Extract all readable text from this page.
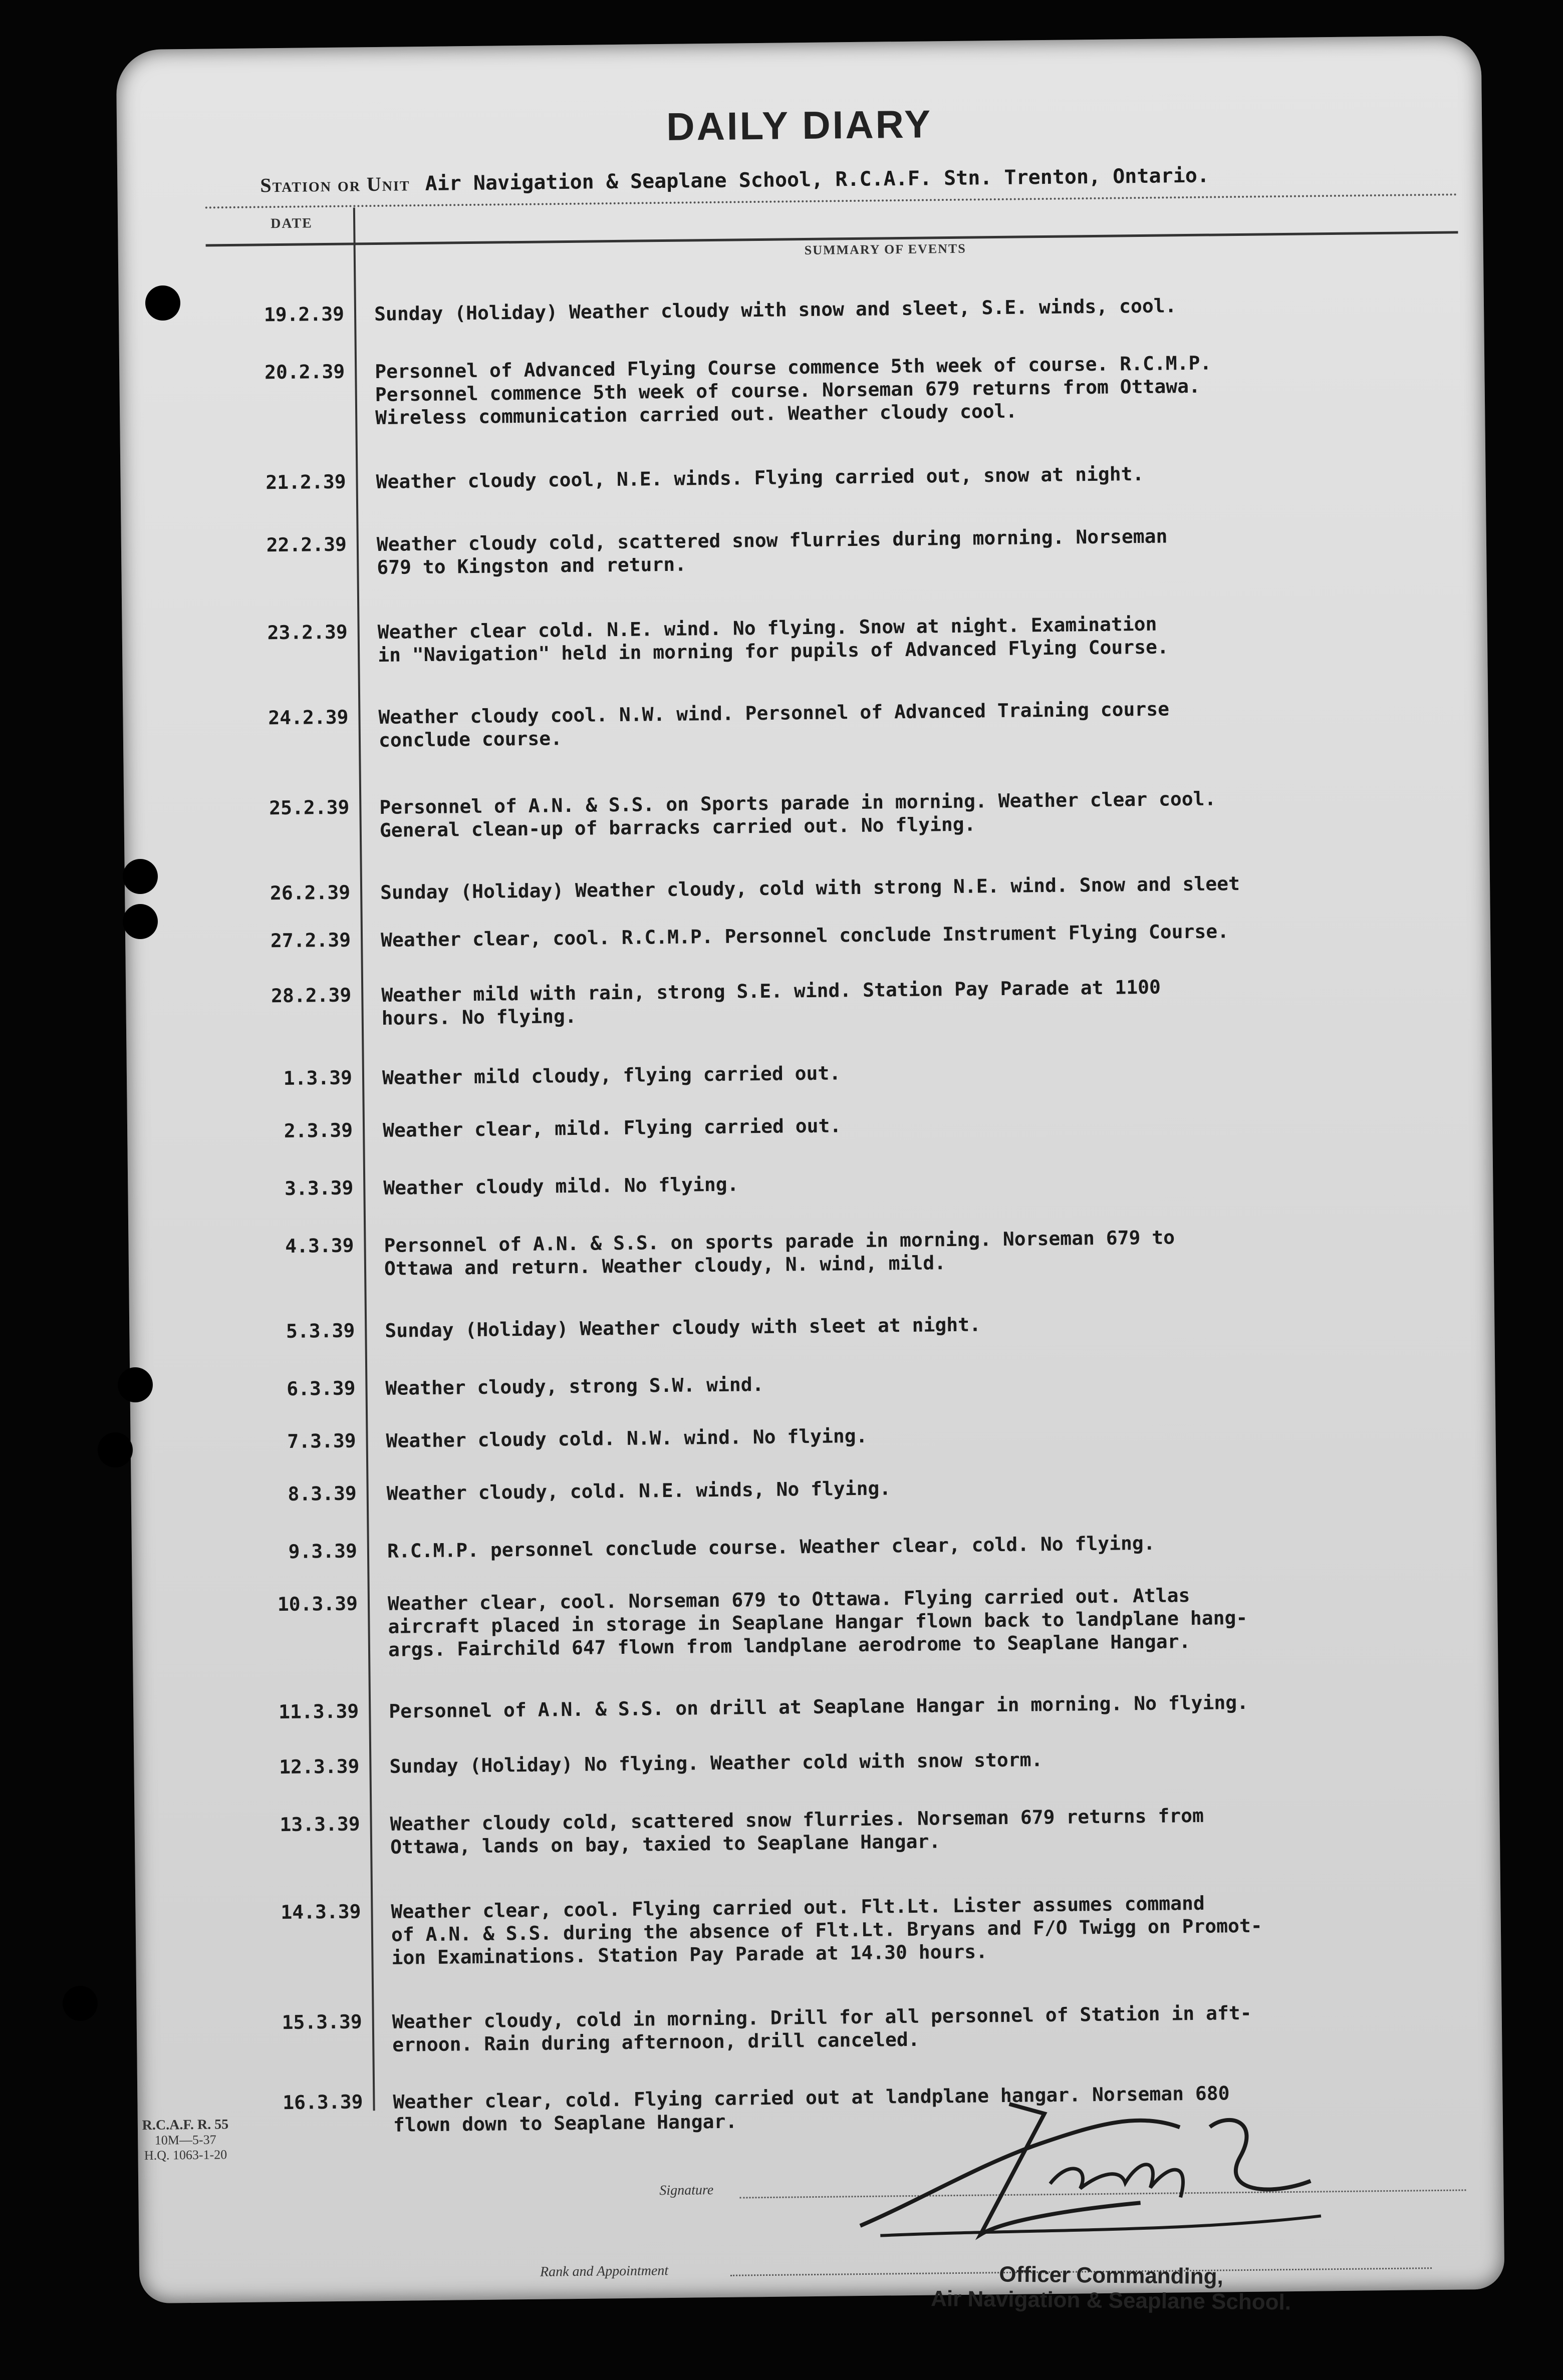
DAILY DIARY
Station or Unit Air Navigation & Seaplane School, R.C.A.F. Stn. Trenton, Ontario.
DATE
SUMMARY OF EVENTS
19.2.39 Sunday (Holiday) Weather cloudy with snow and sleet, S.E. winds, cool.
20.2.39 Personnel of Advanced Flying Course commence 5th week of course. R.C.M.P.
Personnel commence 5th week of course. Norseman 679 returns from Ottawa.
Wireless communication carried out. Weather cloudy cool.
21.2.39 Weather cloudy cool, N.E. winds. Flying carried out, snow at night.
22.2.39 Weather cloudy cold, scattered snow flurries during morning. Norseman
679 to Kingston and return.
23.2.39 Weather clear cold. N.E. wind. No flying. Snow at night. Examination
in "Navigation" held in morning for pupils of Advanced Flying Course.
24.2.39 Weather cloudy cool. N.W. wind. Personnel of Advanced Training course
conclude course.
25.2.39 Personnel of A.N. & S.S. on Sports parade in morning. Weather clear cool.
General clean-up of barracks carried out. No flying.
26.2.39 Sunday (Holiday) Weather cloudy, cold with strong N.E. wind. Snow and sleet
27.2.39 Weather clear, cool. R.C.M.P. Personnel conclude Instrument Flying Course.
28.2.39 Weather mild with rain, strong S.E. wind. Station Pay Parade at 1100
hours. No flying.
1.3.39 Weather mild cloudy, flying carried out.
2.3.39 Weather clear, mild. Flying carried out.
3.3.39 Weather cloudy mild. No flying.
4.3.39 Personnel of A.N. & S.S. on sports parade in morning. Norseman 679 to
Ottawa and return. Weather cloudy, N. wind, mild.
5.3.39 Sunday (Holiday) Weather cloudy with sleet at night.
6.3.39 Weather cloudy, strong S.W. wind.
7.3.39 Weather cloudy cold. N.W. wind. No flying.
8.3.39 Weather cloudy, cold. N.E. winds, No flying.
9.3.39 R.C.M.P. personnel conclude course. Weather clear, cold. No flying.
10.3.39 Weather clear, cool. Norseman 679 to Ottawa. Flying carried out. Atlas
aircraft placed in storage in Seaplane Hangar flown back to landplane hang-
args. Fairchild 647 flown from landplane aerodrome to Seaplane Hangar.
11.3.39 Personnel of A.N. & S.S. on drill at Seaplane Hangar in morning. No flying.
12.3.39 Sunday (Holiday) No flying. Weather cold with snow storm.
13.3.39 Weather cloudy cold, scattered snow flurries. Norseman 679 returns from
Ottawa, lands on bay, taxied to Seaplane Hangar.
14.3.39 Weather clear, cool. Flying carried out. Flt.Lt. Lister assumes command
of A.N. & S.S. during the absence of Flt.Lt. Bryans and F/O Twigg on Promot-
ion Examinations. Station Pay Parade at 14.30 hours.
15.3.39 Weather cloudy, cold in morning. Drill for all personnel of Station in aft-
ernoon. Rain during afternoon, drill canceled.
16.3.39 Weather clear, cold. Flying carried out at landplane hangar. Norseman 680
flown down to Seaplane Hangar.
R.C.A.F. R. 55
10M—5-37
H.Q. 1063-1-20
Signature
Rank and Appointment	Officer Commanding,
Air Navigation & Seaplane School.
